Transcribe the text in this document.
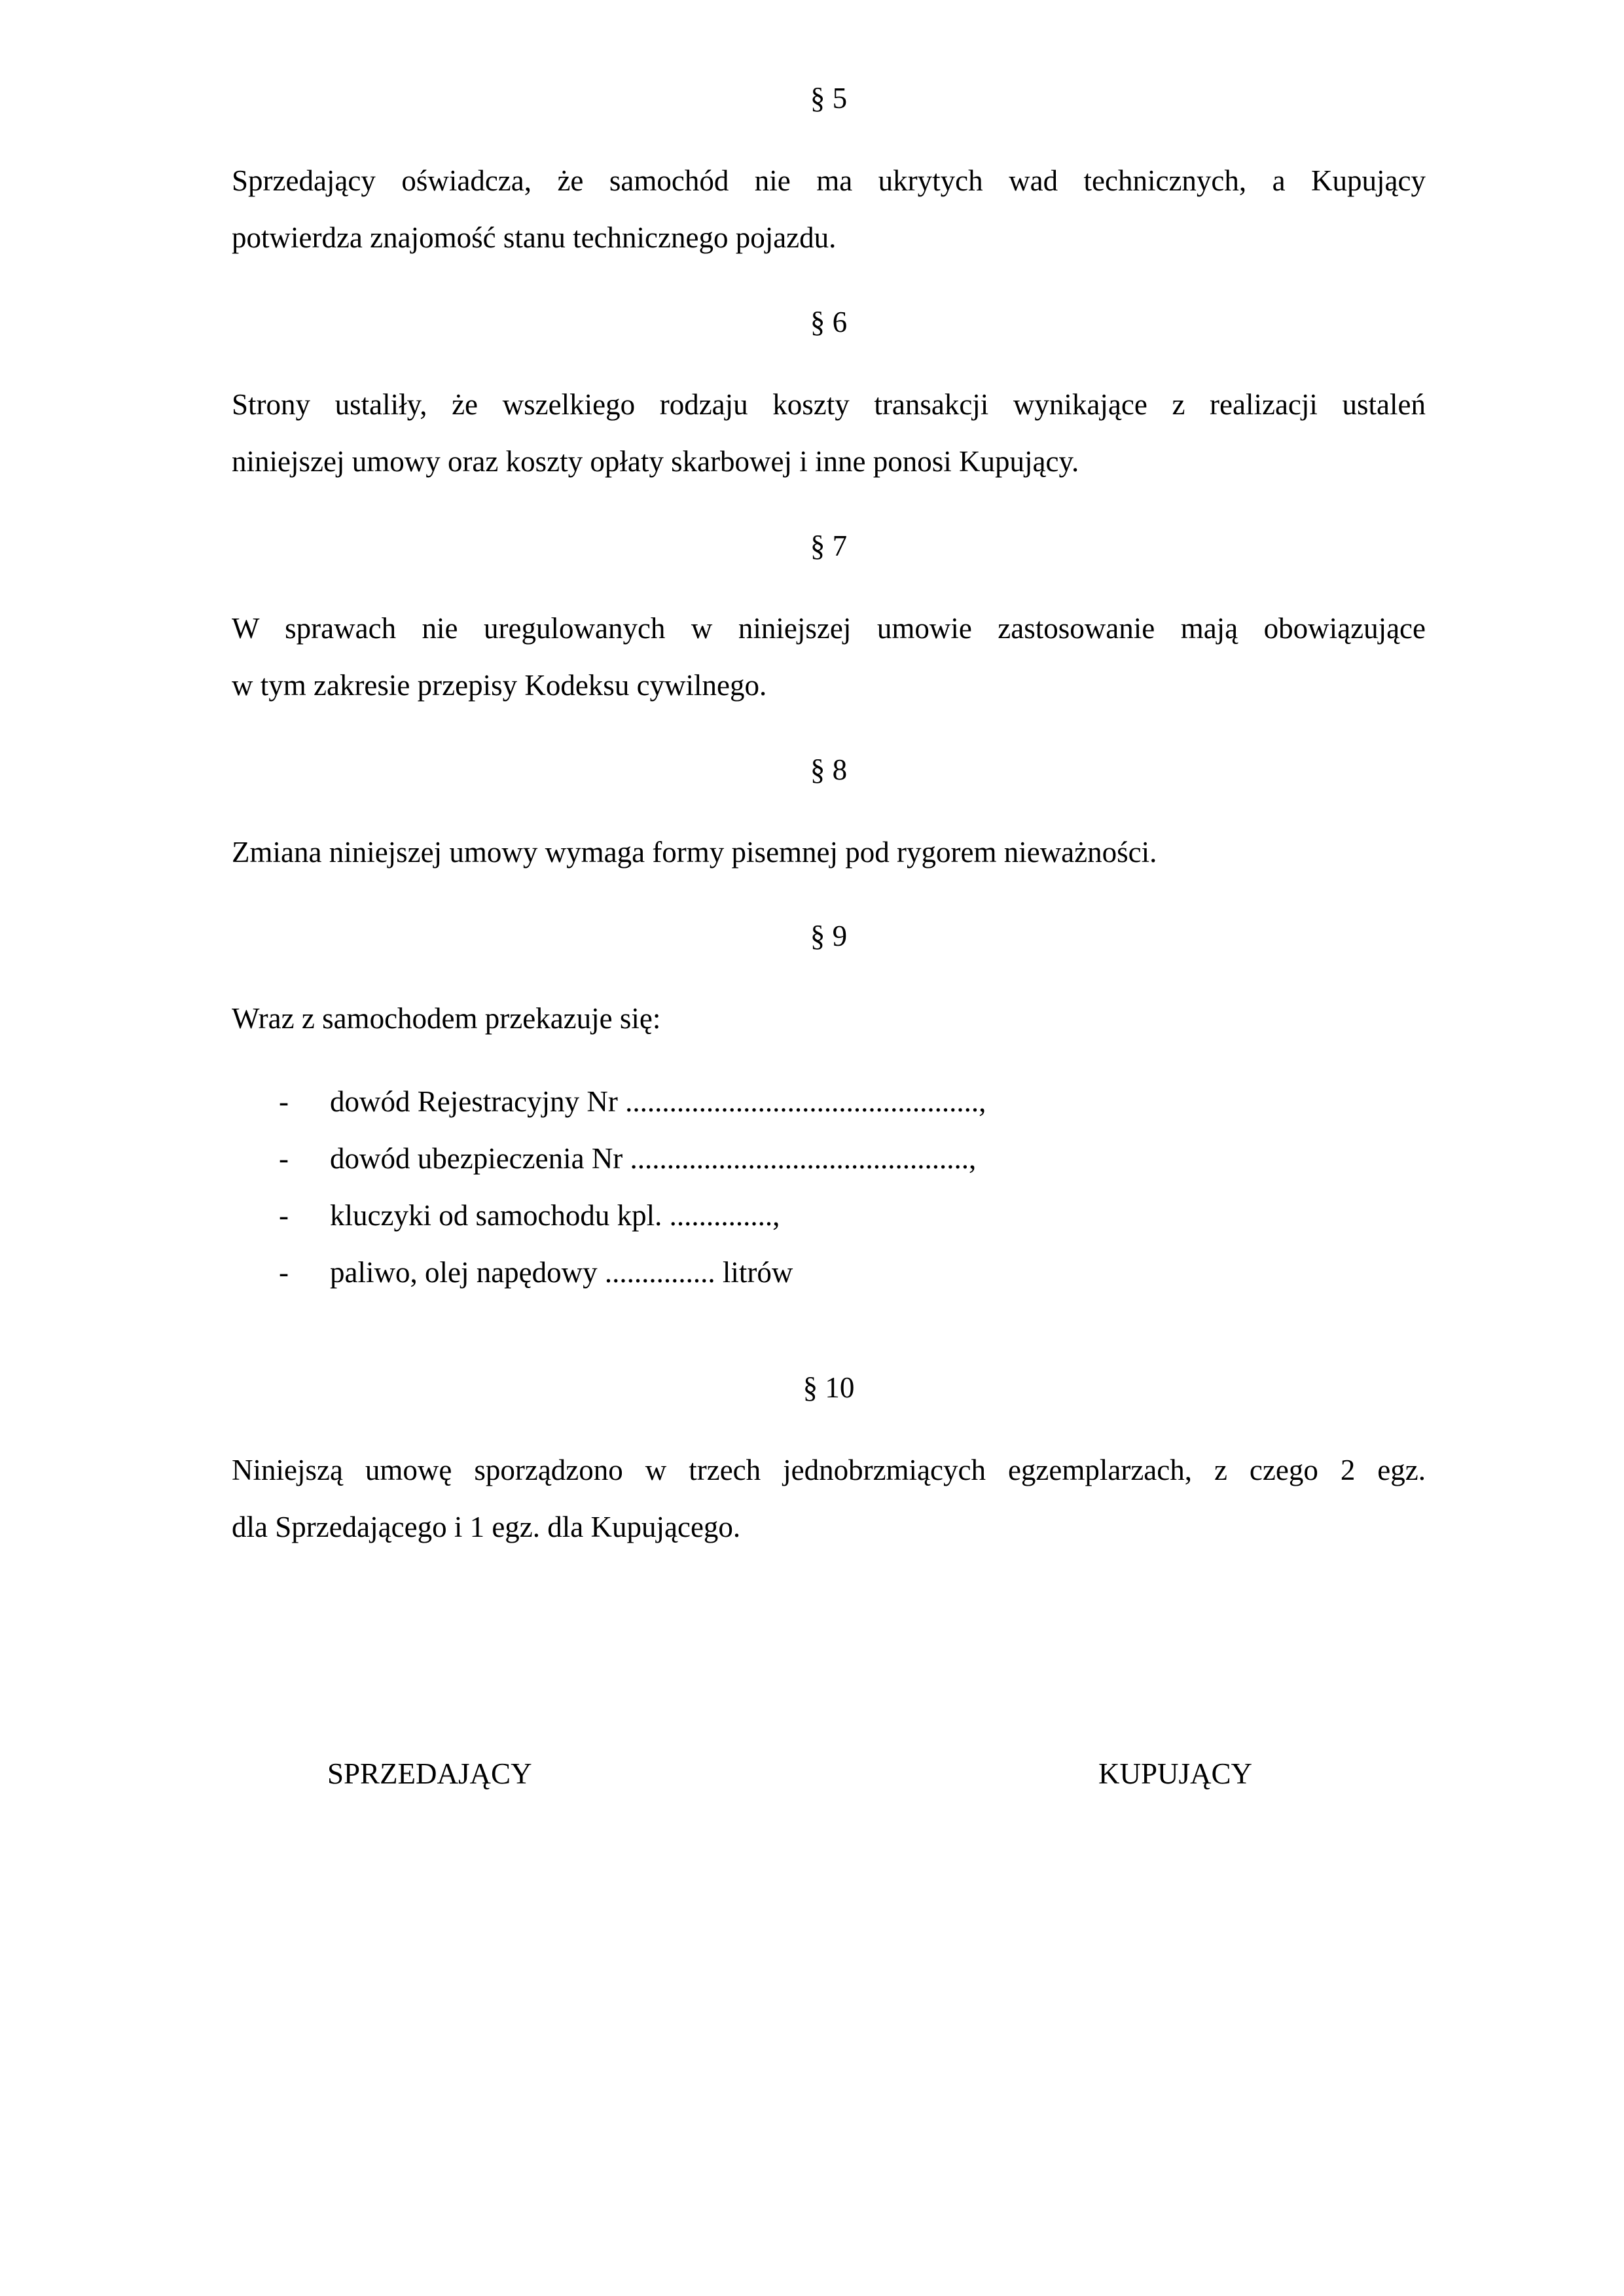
§ 5

Sprzedający oświadcza, że samochód nie ma ukrytych wad technicznych, a Kupujący

potwierdza znajomość stanu technicznego pojazdu.

§ 6

Strony ustaliły, że wszelkiego rodzaju koszty transakcji wynikające z realizacji ustaleń

niniejszej umowy oraz koszty opłaty skarbowej i inne ponosi Kupujący.

§ 7

W sprawach nie uregulowanych w niniejszej umowie zastosowanie mają obowiązujące

w tym zakresie przepisy Kodeksu cywilnego.

§ 8

Zmiana niniejszej umowy wymaga formy pisemnej pod rygorem nieważności.

§ 9

Wraz z samochodem przekazuje się:

-	dowód Rejestracyjny Nr ................................................,
-	dowód ubezpieczenia Nr ..............................................,
-	kluczyki od samochodu kpl. ..............,
-	paliwo, olej napędowy ............... litrów
§ 10

Niniejszą umowę sporządzono w trzech jednobrzmiących egzemplarzach, z czego 2 egz.

dla Sprzedającego i 1 egz. dla Kupującego.

SPRZEDAJĄCY	KUPUJĄCY
